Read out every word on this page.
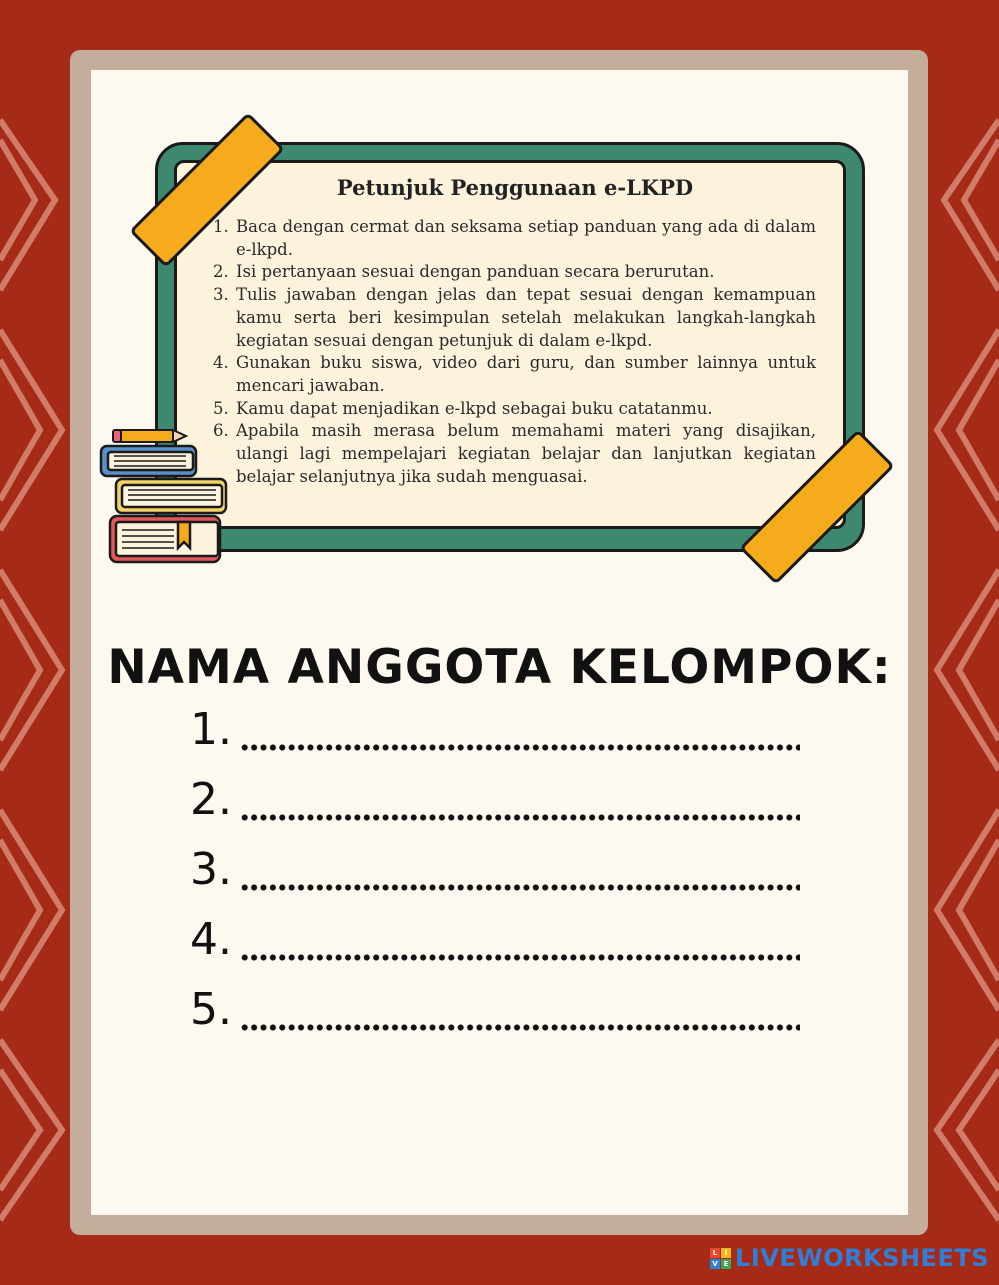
Petunjuk Penggunaan e-LKPD
1. Baca dengan cermat dan seksama setiap panduan yang ada di dalam e-lkpd.
2. Isi pertanyaan sesuai dengan panduan secara berurutan.
3. Tulis jawaban dengan jelas dan tepat sesuai dengan kemampuan kamu serta beri kesimpulan setelah melakukan langkah-langkah kegiatan sesuai dengan petunjuk di dalam e-lkpd.
4. Gunakan buku siswa, video dari guru, dan sumber lainnya untuk mencari jawaban.
5. Kamu dapat menjadikan e-lkpd sebagai buku catatanmu.
6. Apabila masih merasa belum memahami materi yang disajikan, ulangi lagi mempelajari kegiatan belajar dan lanjutkan kegiatan belajar selanjutnya jika sudah menguasai.
NAMA ANGGOTA KELOMPOK:
1.
2.
3.
4.
5.
L	I
V E LIVEWORKSHEETS
